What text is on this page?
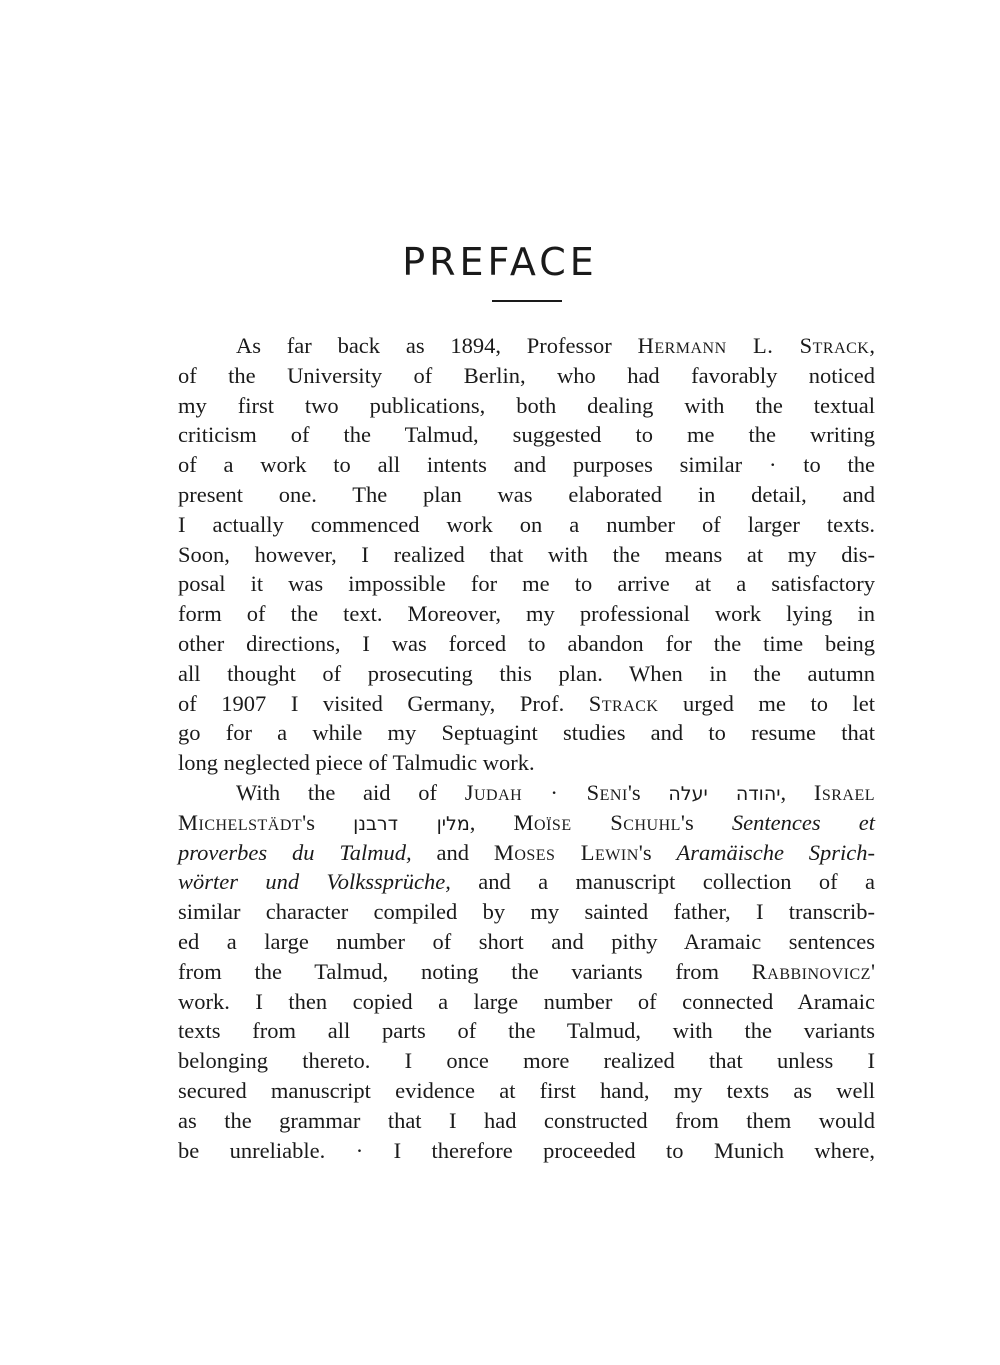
PREFACE
As far back as 1894, Professor Hermann L. Strack,
of the University of Berlin, who had favorably noticed
my first two publications, both dealing with the textual
criticism of the Talmud, suggested to me the writing
of a work to all intents and purposes similar · to the
present one. The plan was elaborated in detail, and
I actually commenced work on a number of larger texts.
Soon, however, I realized that with the means at my dis-
posal it was impossible for me to arrive at a satisfactory
form of the text. Moreover, my professional work lying in
other directions, I was forced to abandon for the time being
all thought of prosecuting this plan. When in the autumn
of 1907 I visited Germany, Prof. Strack urged me to let
go for a while my Septuagint studies and to resume that
long neglected piece of Talmudic work.
With the aid of Judah · Seni's יהודה יעלה, Israel
Michelstädt's מלין דרבנן, Moïse Schuhl's Sentences et
proverbes du Talmud, and Moses Lewin's Aramäische Sprich-
wörter und Volkssprüche, and a manuscript collection of a
similar character compiled by my sainted father, I transcrib-
ed a large number of short and pithy Aramaic sentences
from the Talmud, noting the variants from Rabbinovicz'
work. I then copied a large number of connected Aramaic
texts from all parts of the Talmud, with the variants
belonging thereto. I once more realized that unless I
secured manuscript evidence at first hand, my texts as well
as the grammar that I had constructed from them would
be unreliable. · I therefore proceeded to Munich where,
